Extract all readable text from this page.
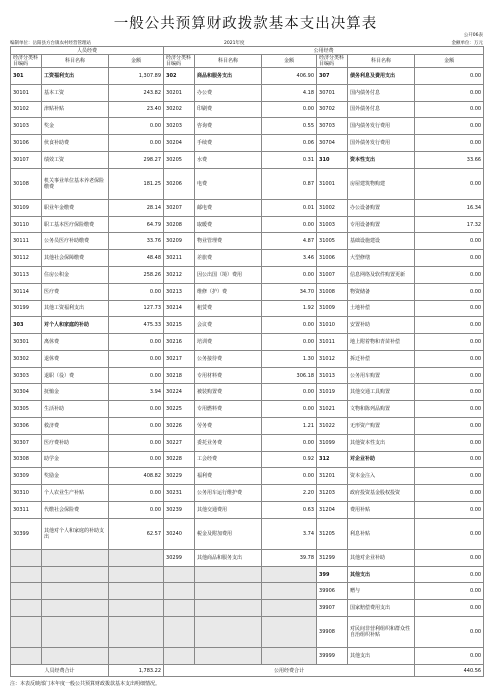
一般公共预算财政拨款基本支出决算表
公开06表
编制单位：岳阳县方台镇农村经营管理站	2021年度	金额单位：万元
人员经费			公用经费					
经济分类科目编码	科目名称	金额	经济分类科目编码	科目名称	金额	经济分类科目编码	科目名称	金额
301	工资福利支出	1,307.89	302	商品和服务支出	406.90	307	债务利息及费用支出	0.00
30101	基本工资	243.82	30201	办公费	4.18	30701	国内债务付息	0.00
30102	津贴补贴	23.40	30202	印刷费	0.00	30702	国外债务付息	0.00
30103	奖金	0.00	30203	咨询费	0.55	30703	国内债务发行费用	0.00
30106	伙食补助费	0.00	30204	手续费	0.06	30704	国外债务发行费用	0.00
30107	绩效工资	298.27	30205	水费	0.31	310	资本性支出	33.66
30108	机关事业单位基本养老保险缴费	181.25	30206	电费	0.87	31001	房屋建筑物购建	0.00
30109	职业年金缴费	28.14	30207	邮电费	0.01	31002	办公设备购置	16.34
30110	职工基本医疗保险缴费	64.79	30208	取暖费	0.00	31003	专用设备购置	17.32
30111	公务员医疗补助缴费	33.76	30209	物业管理费	4.87	31005	基础设施建设	0.00
30112	其他社会保障缴费	48.48	30211	差旅费	3.46	31006	大型修缮	0.00
30113	住房公积金	258.26	30212	因公出国（境）费用	0.00	31007	信息网络及软件购置更新	0.00
30114	医疗费	0.00	30213	维修（护）费	34.70	31008	物资储备	0.00
30199	其他工资福利支出	127.73	30214	租赁费	1.92	31009	土地补偿	0.00
303	对个人和家庭的补助	475.33	30215	会议费	0.00	31010	安置补助	0.00
30301	离休费	0.00	30216	培训费	0.00	31011	地上附着物和青苗补偿	0.00
30302	退休费	0.00	30217	公务接待费	1.30	31012	拆迁补偿	0.00
30303	退职（役）费	0.00	30218	专用材料费	306.18	31013	公务用车购置	0.00
30304	抚恤金	3.94	30224	被装购置费	0.00	31019	其他交通工具购置	0.00
30305	生活补助	0.00	30225	专用燃料费	0.00	31021	文物和陈列品购置	0.00
30306	救济费	0.00	30226	劳务费	1.21	31022	无形资产购置	0.00
30307	医疗费补助	0.00	30227	委托业务费	0.00	31099	其他资本性支出	0.00
30308	助学金	0.00	30228	工会经费	0.92	312	对企业补助	0.00
30309	奖励金	408.82	30229	福利费	0.00	31201	资本金注入	0.00
30310	个人农业生产补贴	0.00	30231	公务用车运行维护费	2.20	31203	政府投资基金股权投资	0.00
30311	代缴社会保险费	0.00	30239	其他交通费用	0.63	31204	费用补贴	0.00
30399	其他对个人和家庭的补助支出	62.57	30240	税金及附加费用	3.74	31205	利息补贴	0.00
			30299	其他商品和服务支出	39.78	31299	其他对企业补助	0.00
						399	其他支出	0.00
						39906	赠与	0.00
						39907	国家赔偿费用支出	0.00
						39908	对民间非营利组织和群众性自治组织补贴	0.00
						39999	其他支出	0.00
人员经费合计		1,783.22	公用经费合计					440.56
注：本表反映部门本年度一般公共预算财政拨款基本支出明细情况。
